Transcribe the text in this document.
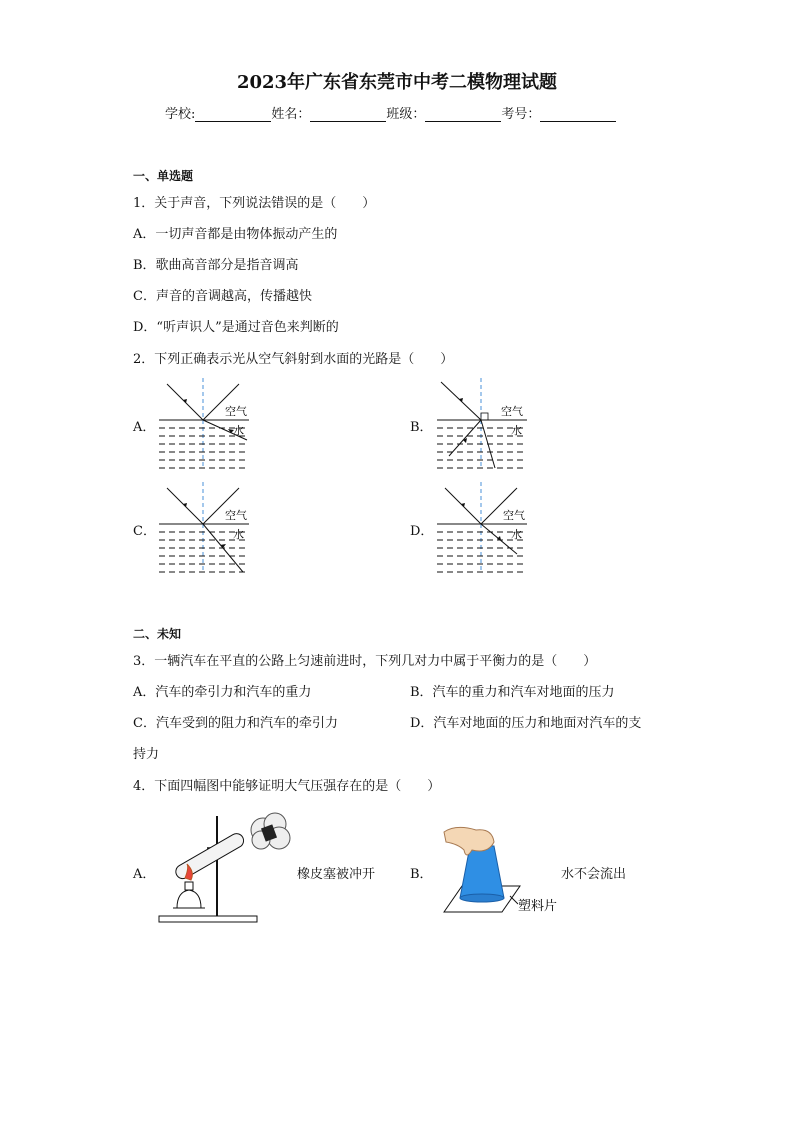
2023年广东省东莞市中考二模物理试题
学校:	姓名：	班级：	考号：
一、单选题
1．关于声音，下列说法错误的是（　　）
A．一切声音都是由物体振动产生的
B．歌曲高音部分是指音调高
C．声音的音调越高，传播越快
D．“听声识人”是通过音色来判断的
2．下列正确表示光从空气斜射到水面的光路是（　　）
A．	B．
C．	D．
空气
水
空气
水
空气
水
空气
水
二、未知
3．一辆汽车在平直的公路上匀速前进时，下列几对力中属于平衡力的是（　　）
A．汽车的牵引力和汽车的重力	B．汽车的重力和汽车对地面的压力
C．汽车受到的阻力和汽车的牵引力	D．汽车对地面的压力和地面对汽车的支
持力
4．下面四幅图中能够证明大气压强存在的是（　　）
A．	橡皮塞被冲开	B．	水不会流出
塑料片
